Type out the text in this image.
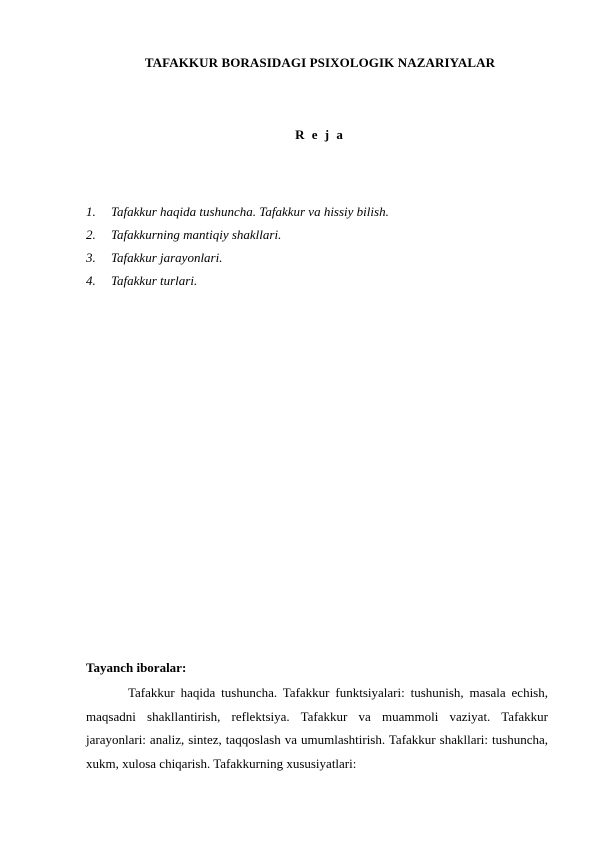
TAFAKKUR BORASIDAGI PSIXOLOGIK NAZARIYALAR
R e j a
1. Tafakkur haqida tushuncha. Tafakkur va hissiy bilish.
2. Tafakkurning mantiqiy shakllari.
3. Tafakkur jarayonlari.
4. Tafakkur turlari.
Tayanch iboralar:

Tafakkur haqida tushuncha. Tafakkur funktsiyalari: tushunish, masala echish, maqsadni shakllantirish, reflektsiya. Tafakkur va muammoli vaziyat. Tafakkur jarayonlari: analiz, sintez, taqqoslash va umumlashtirish. Tafakkur shakllari: tushuncha, xukm, xulosa chiqarish. Tafakkurning xususiyatlari:
